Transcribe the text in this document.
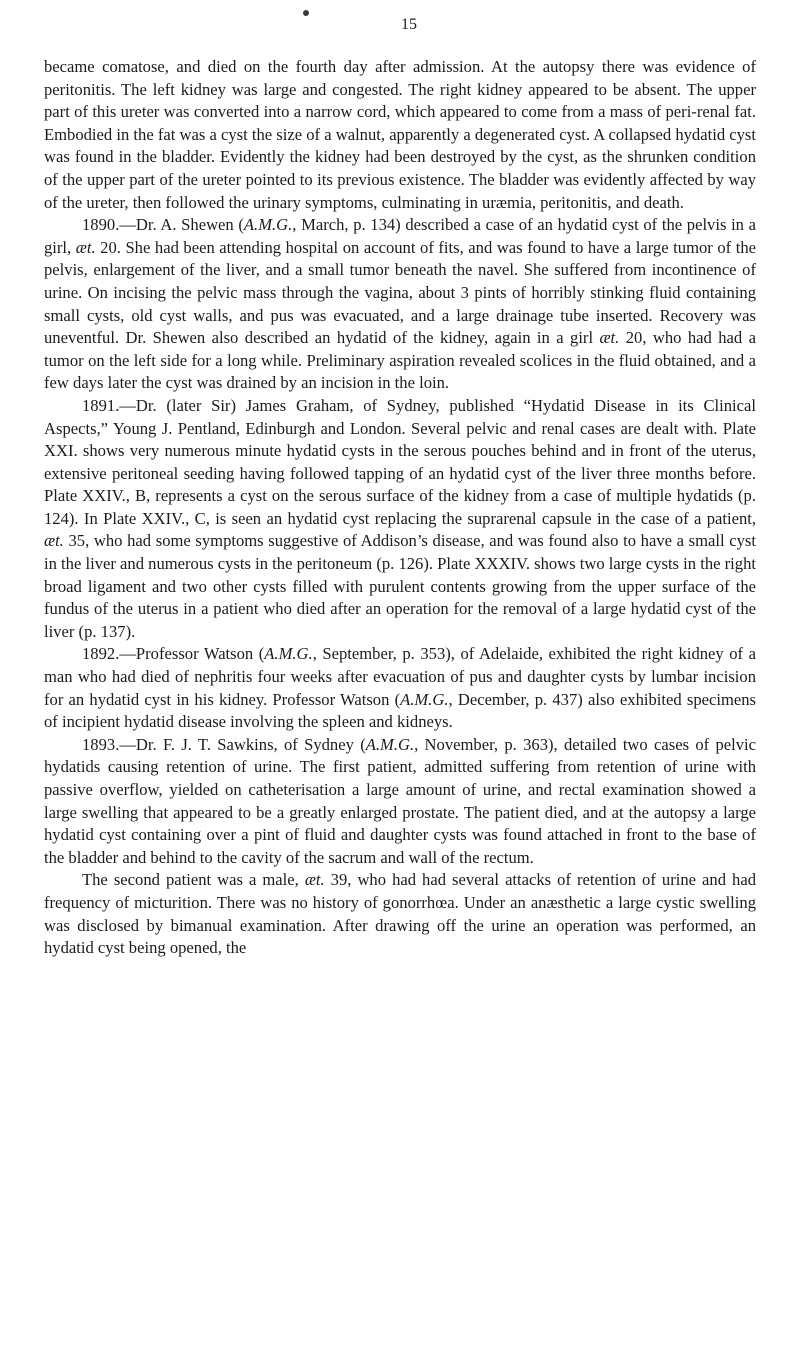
15

became comatose, and died on the fourth day after admission. At the autopsy there was evidence of peritonitis. The left kidney was large and congested. The right kidney appeared to be absent. The upper part of this ureter was converted into a narrow cord, which appeared to come from a mass of peri-renal fat. Embodied in the fat was a cyst the size of a walnut, apparently a degenerated cyst. A collapsed hydatid cyst was found in the bladder. Evidently the kidney had been destroyed by the cyst, as the shrunken condition of the upper part of the ureter pointed to its previous existence. The bladder was evidently affected by way of the ureter, then followed the urinary symptoms, culminating in uræmia, peritonitis, and death.

1890.—Dr. A. Shewen (A.M.G., March, p. 134) described a case of an hydatid cyst of the pelvis in a girl, æt. 20. She had been attending hospital on account of fits, and was found to have a large tumor of the pelvis, enlargement of the liver, and a small tumor beneath the navel. She suffered from incontinence of urine. On incising the pelvic mass through the vagina, about 3 pints of horribly stinking fluid containing small cysts, old cyst walls, and pus was evacuated, and a large drainage tube inserted. Recovery was uneventful. Dr. Shewen also described an hydatid of the kidney, again in a girl æt. 20, who had had a tumor on the left side for a long while. Preliminary aspiration revealed scolices in the fluid obtained, and a few days later the cyst was drained by an incision in the loin.

1891.—Dr. (later Sir) James Graham, of Sydney, published “Hydatid Disease in its Clinical Aspects,” Young J. Pentland, Edinburgh and London. Several pelvic and renal cases are dealt with. Plate XXI. shows very numerous minute hydatid cysts in the serous pouches behind and in front of the uterus, extensive peritoneal seeding having followed tapping of an hydatid cyst of the liver three months before. Plate XXIV., B, represents a cyst on the serous surface of the kidney from a case of multiple hydatids (p. 124). In Plate XXIV., C, is seen an hydatid cyst replacing the suprarenal capsule in the case of a patient, æt. 35, who had some symptoms suggestive of Addison’s disease, and was found also to have a small cyst in the liver and numerous cysts in the peritoneum (p. 126). Plate XXXIV. shows two large cysts in the right broad ligament and two other cysts filled with purulent contents growing from the upper surface of the fundus of the uterus in a patient who died after an operation for the removal of a large hydatid cyst of the liver (p. 137).

1892.—Professor Watson (A.M.G., September, p. 353), of Adelaide, exhibited the right kidney of a man who had died of nephritis four weeks after evacuation of pus and daughter cysts by lumbar incision for an hydatid cyst in his kidney. Professor Watson (A.M.G., December, p. 437) also exhibited specimens of incipient hydatid disease involving the spleen and kidneys.

1893.—Dr. F. J. T. Sawkins, of Sydney (A.M.G., November, p. 363), detailed two cases of pelvic hydatids causing retention of urine. The first patient, admitted suffering from retention of urine with passive overflow, yielded on catheterisation a large amount of urine, and rectal examination showed a large swelling that appeared to be a greatly enlarged prostate. The patient died, and at the autopsy a large hydatid cyst containing over a pint of fluid and daughter cysts was found attached in front to the base of the bladder and behind to the cavity of the sacrum and wall of the rectum.

The second patient was a male, æt. 39, who had had several attacks of retention of urine and had frequency of micturition. There was no history of gonorrhœa. Under an anæsthetic a large cystic swelling was disclosed by bimanual examination. After drawing off the urine an operation was performed, an hydatid cyst being opened, the
